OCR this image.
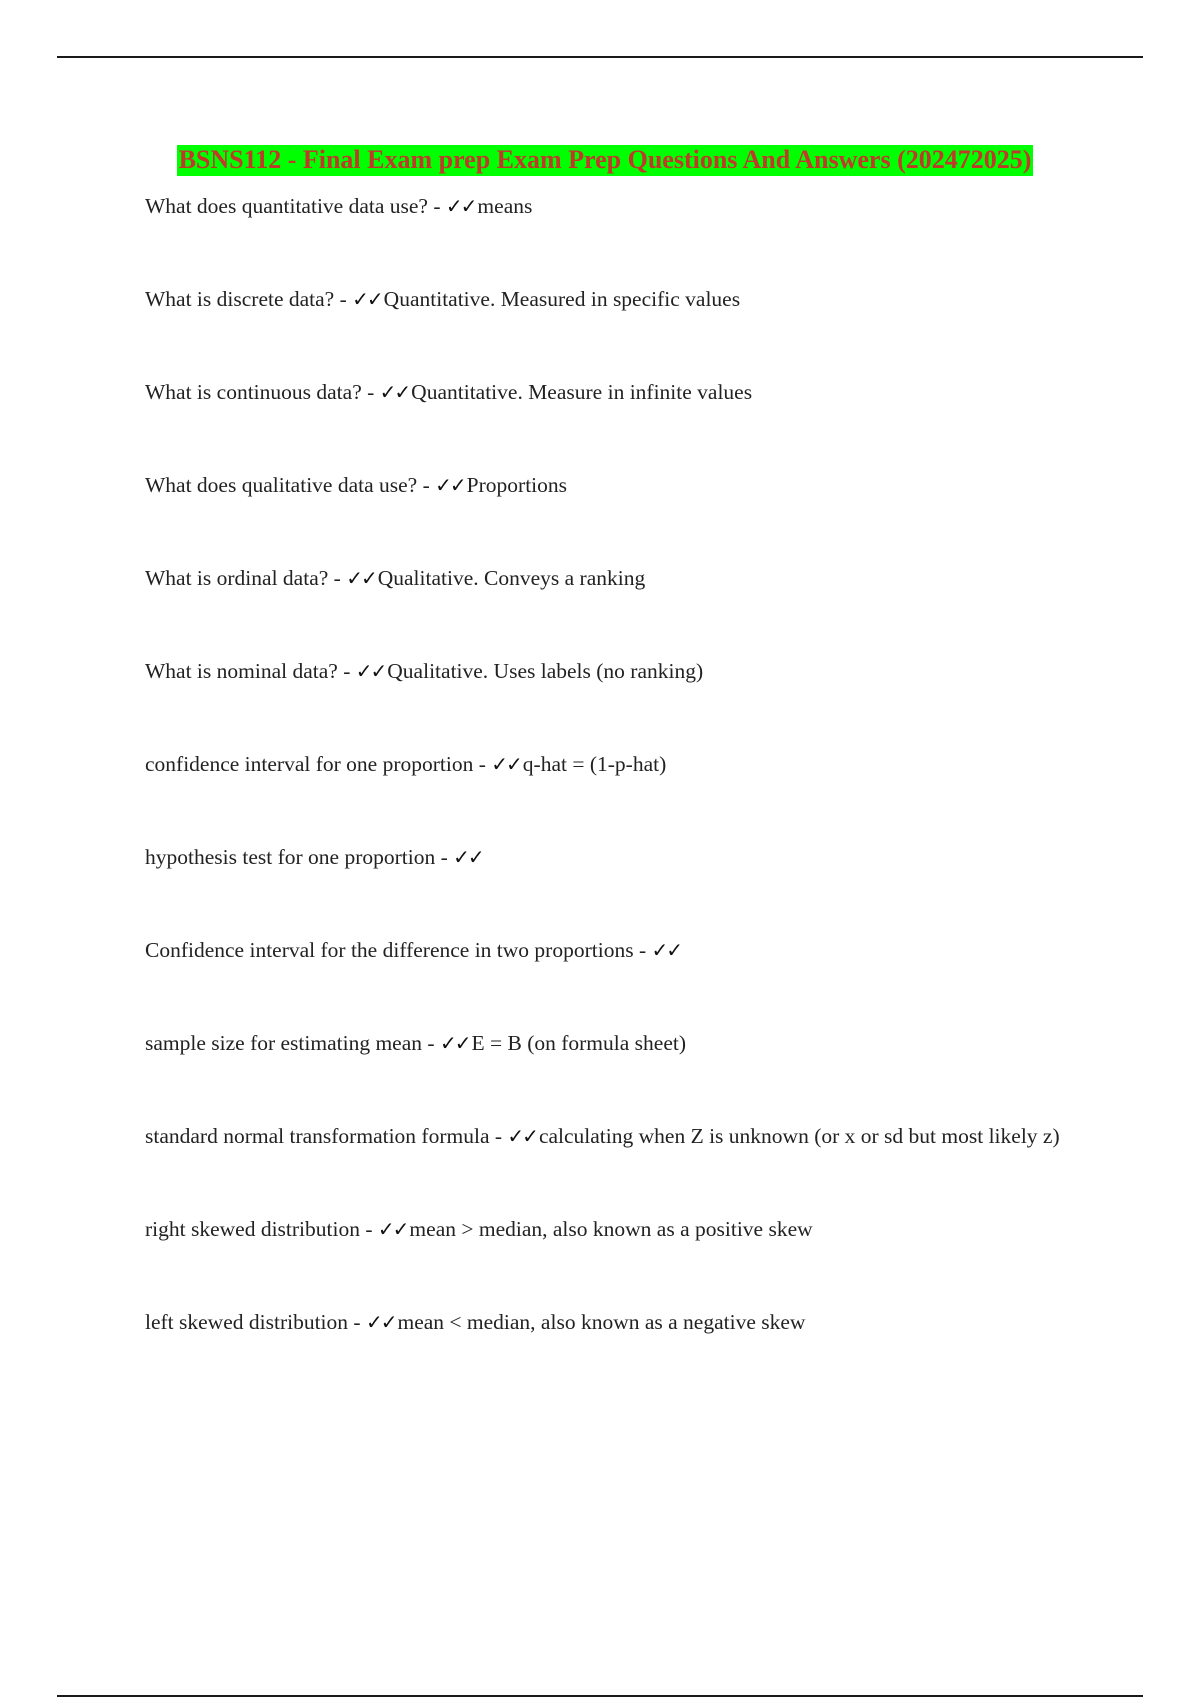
BSNS112 - Final Exam prep Exam Prep Questions And Answers (202472025)

What does quantitative data use? - ✓✓means

What is discrete data? - ✓✓Quantitative. Measured in specific values

What is continuous data? - ✓✓Quantitative. Measure in infinite values

What does qualitative data use? - ✓✓Proportions

What is ordinal data? - ✓✓Qualitative. Conveys a ranking

What is nominal data? - ✓✓Qualitative. Uses labels (no ranking)

confidence interval for one proportion - ✓✓q-hat = (1-p-hat)

hypothesis test for one proportion - ✓✓

Confidence interval for the difference in two proportions - ✓✓

sample size for estimating mean - ✓✓E = B (on formula sheet)

standard normal transformation formula - ✓✓calculating when Z is unknown (or x or sd but most likely z)

right skewed distribution - ✓✓mean > median, also known as a positive skew

left skewed distribution - ✓✓mean < median, also known as a negative skew
